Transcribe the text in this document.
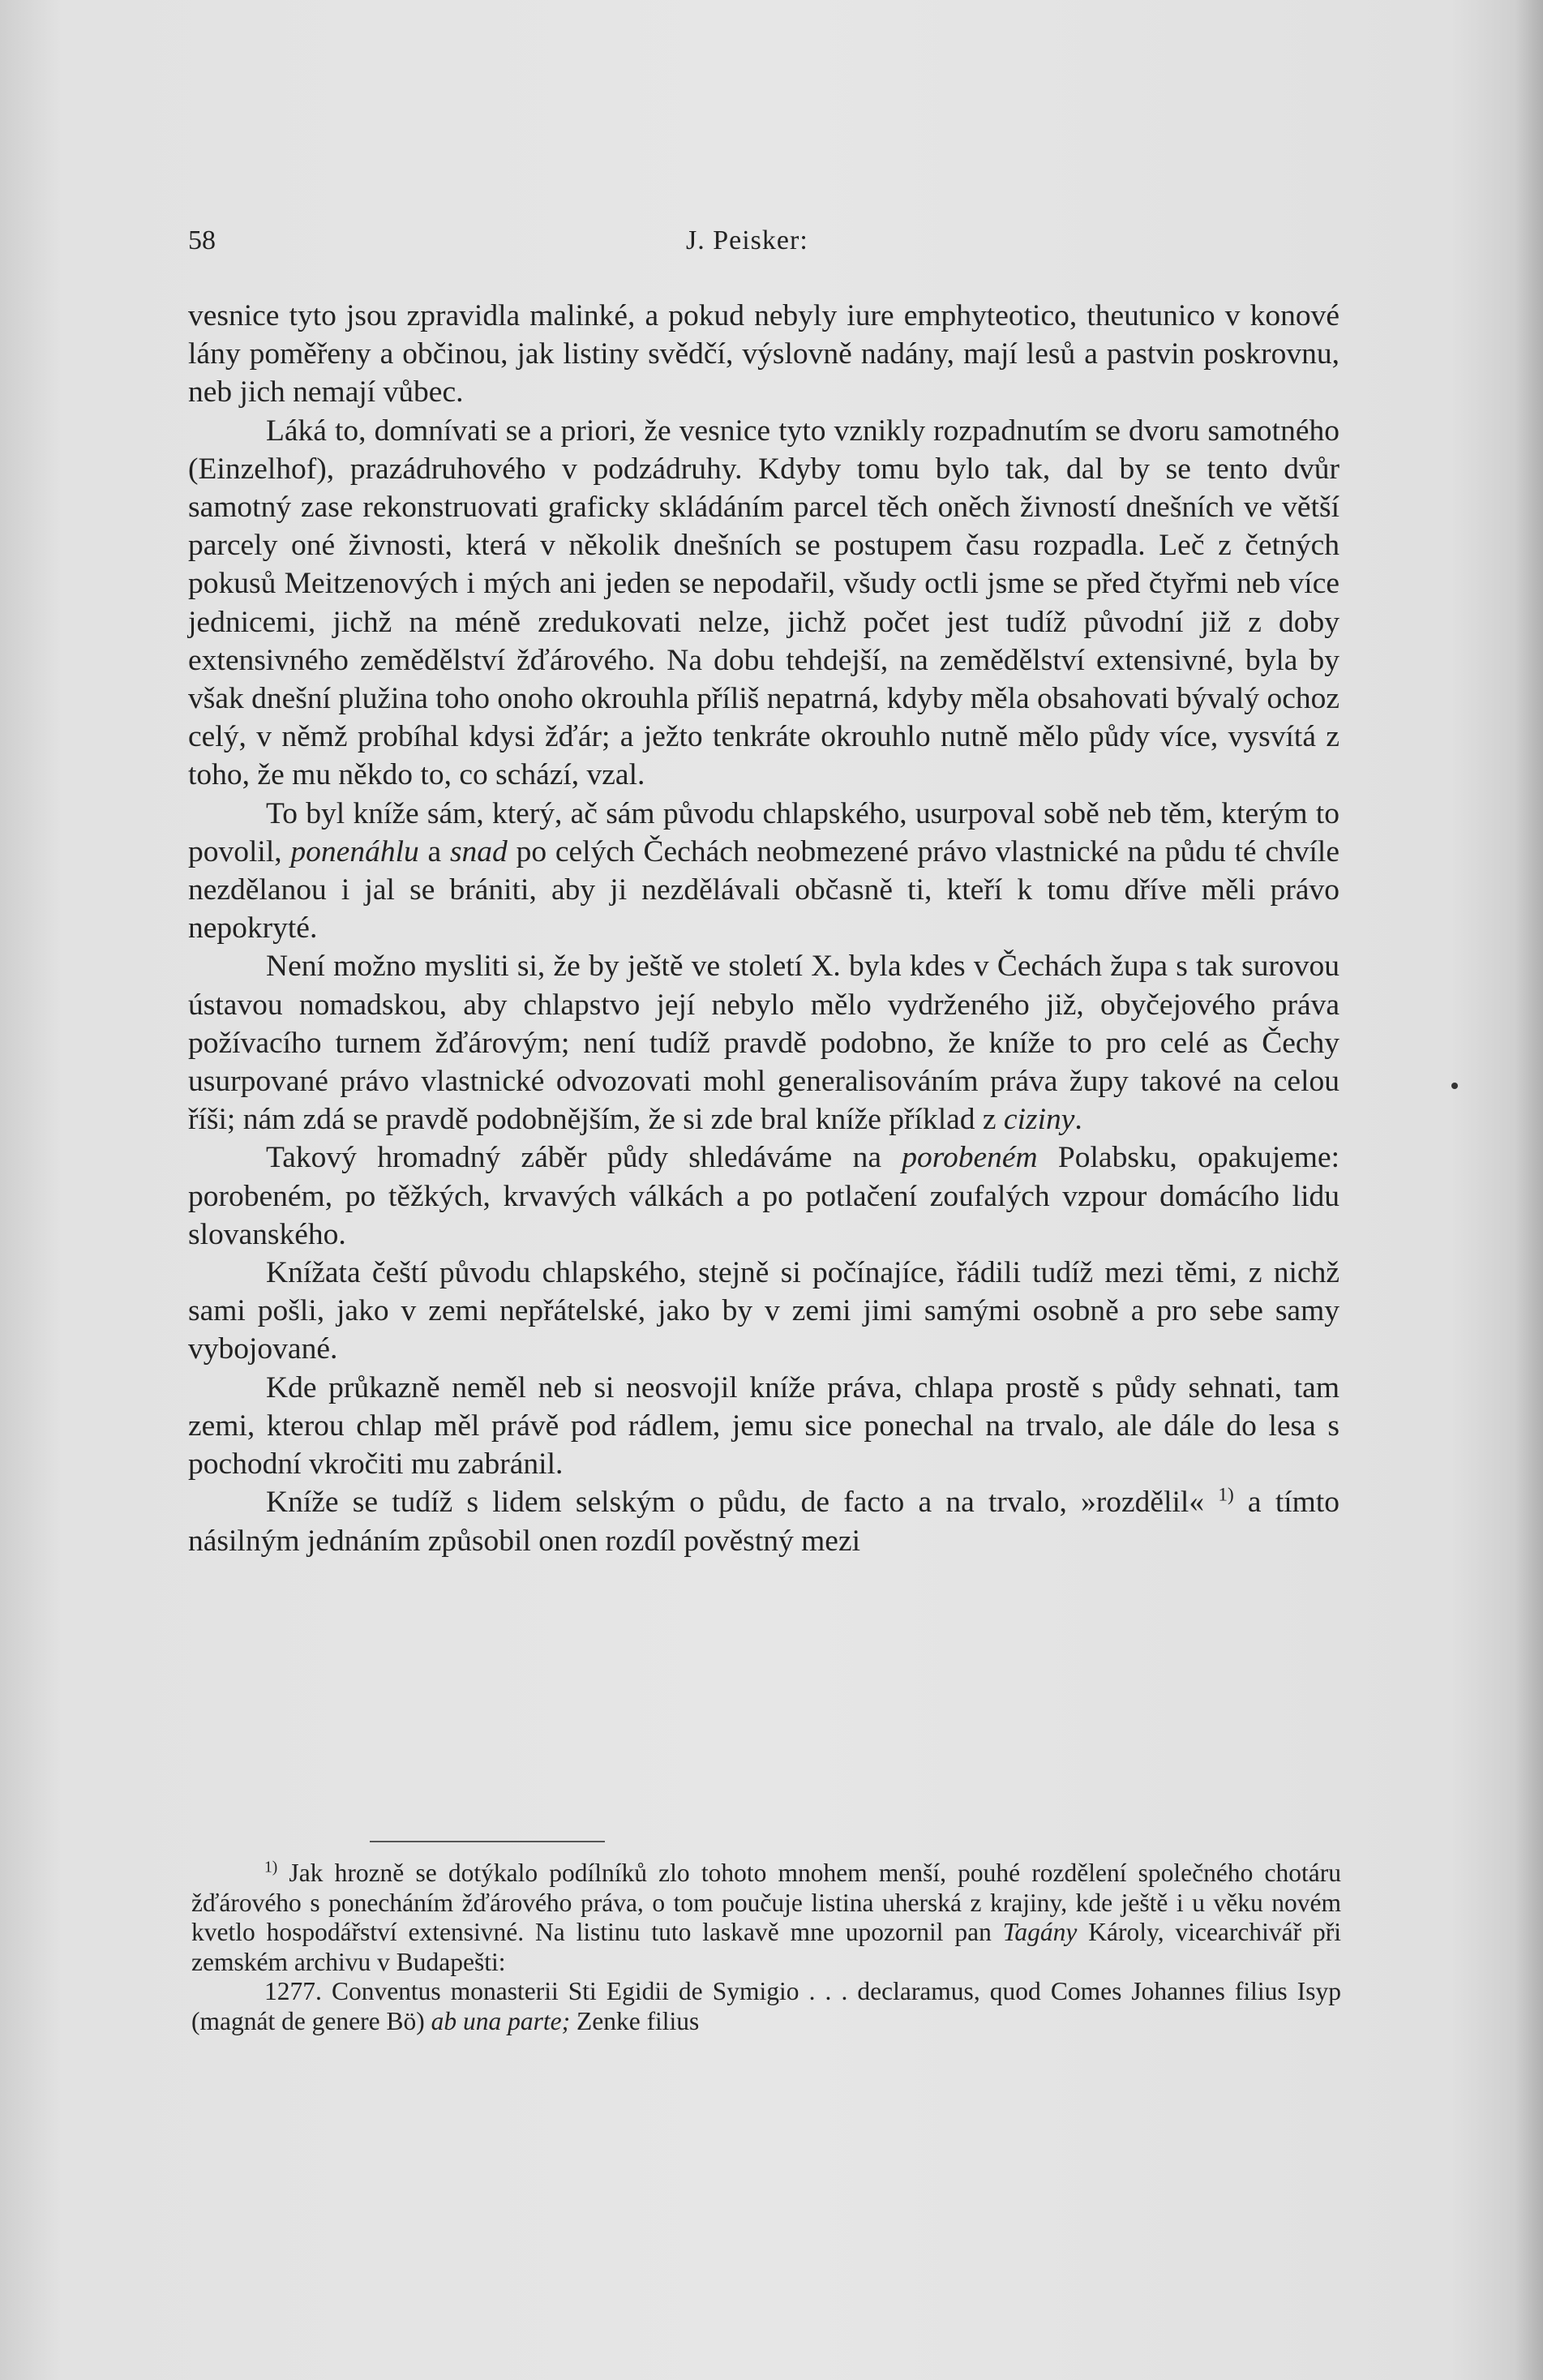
58	J. Peisker:

vesnice tyto jsou zpravidla malinké, a pokud nebyly iure emphyteotico, theutunico v konové lány poměřeny a občinou, jak listiny svědčí, výslovně nadány, mají lesů a pastvin poskrovnu, neb jich nemají vůbec.

Láká to, domnívati se a priori, že vesnice tyto vznikly rozpadnutím se dvoru samotného (Einzelhof), prazádruhového v podzádruhy. Kdyby tomu bylo tak, dal by se tento dvůr samotný zase rekonstruovati graficky skládáním parcel těch oněch živností dnešních ve větší parcely oné živnosti, která v několik dnešních se postupem času rozpadla. Leč z četných pokusů Meitzenových i mých ani jeden se nepodařil, všudy octli jsme se před čtyřmi neb více jednicemi, jichž na méně zredukovati nelze, jichž počet jest tudíž původní již z doby extensivného zemědělství žďárového. Na dobu tehdejší, na zemědělství extensivné, byla by však dnešní plužina toho onoho okrouhla příliš nepatrná, kdyby měla obsahovati bývalý ochoz celý, v němž probíhal kdysi žďár; a ježto tenkráte okrouhlo nutně mělo půdy více, vysvítá z toho, že mu někdo to, co schází, vzal.

To byl kníže sám, který, ač sám původu chlapského, usurpoval sobě neb těm, kterým to povolil, ponenáhlu a snad po celých Čechách neobmezené právo vlastnické na půdu té chvíle nezdělanou i jal se brániti, aby ji nezdělávali občasně ti, kteří k tomu dříve měli právo nepokryté.

Není možno mysliti si, že by ještě ve století X. byla kdes v Čechách župa s tak surovou ústavou nomadskou, aby chlapstvo její nebylo mělo vydrženého již, obyčejového práva požívacího turnem žďárovým; není tudíž pravdě podobno, že kníže to pro celé as Čechy usurpované právo vlastnické odvozovati mohl generalisováním práva župy takové na celou říši; nám zdá se pravdě podobnějším, že si zde bral kníže příklad z ciziny.

Takový hromadný záběr půdy shledáváme na porobeném Polabsku, opakujeme: porobeném, po těžkých, krvavých válkách a po potlačení zoufalých vzpour domácího lidu slovanského.

Knížata čeští původu chlapského, stejně si počínajíce, řádili tudíž mezi těmi, z nichž sami pošli, jako v zemi nepřátelské, jako by v zemi jimi samými osobně a pro sebe samy vybojované.

Kde průkazně neměl neb si neosvojil kníže práva, chlapa prostě s půdy sehnati, tam zemi, kterou chlap měl právě pod rádlem, jemu sice ponechal na trvalo, ale dále do lesa s pochodní vkročiti mu zabránil.

Kníže se tudíž s lidem selským o půdu, de facto a na trvalo, »rozdělil« $^{1)}$ a tímto násilným jednáním způsobil onen rozdíl pověstný mezi

$^{1)}$ Jak hrozně se dotýkalo podílníků zlo tohoto mnohem menší, pouhé rozdělení společného chotáru žďárového s ponecháním žďárového práva, o tom poučuje listina uherská z krajiny, kde ještě i u věku novém kvetlo hospodářství extensivné. Na listinu tuto laskavě mne upozornil pan Tagány Károly, vicearchivář při zemském archivu v Budapešti:

1277. Conventus monasterii Sti Egidii de Symigio . . . declaramus, quod Comes Johannes filius Isyp (magnát de genere Bö) ab una parte; Zenke filius
